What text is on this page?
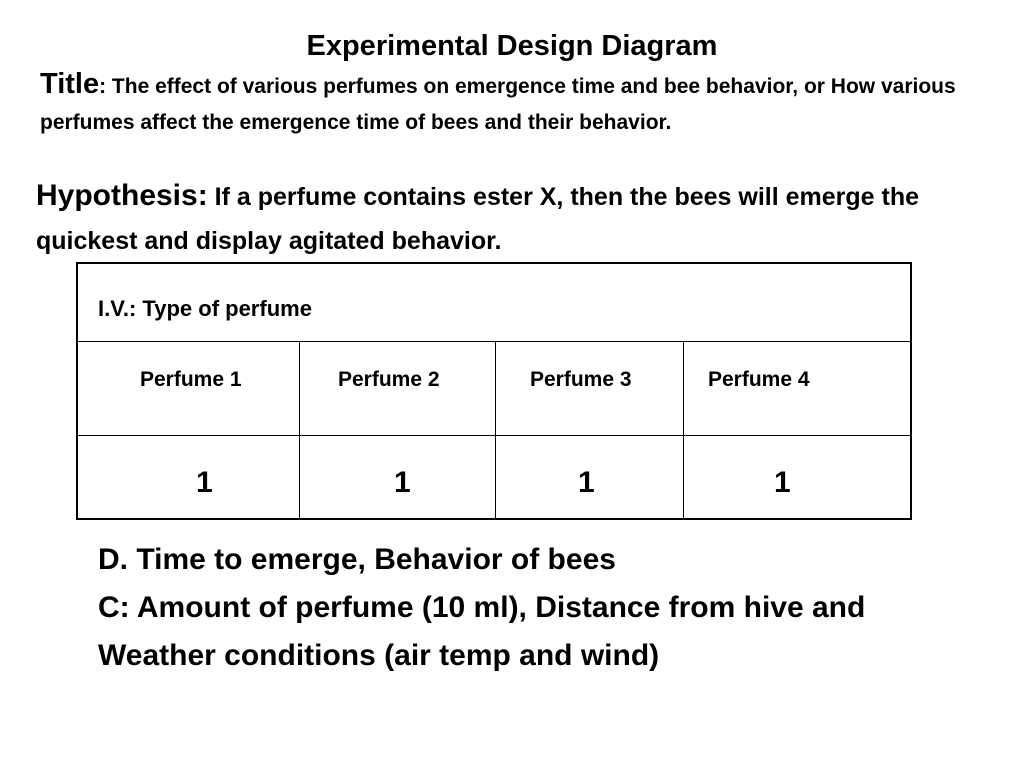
Experimental Design Diagram
Title: The effect of various perfumes on emergence time and bee behavior, or How various perfumes affect the emergence time of bees and their behavior.
Hypothesis: If a perfume contains ester X, then the bees will emerge the quickest and display agitated behavior.
I.V.: Type of perfume
Perfume 1	Perfume 2	Perfume 3	Perfume 4
1	1	1	1

D. Time to emerge, Behavior of bees

C: Amount of perfume (10 ml), Distance from hive and Weather conditions (air temp and wind)
